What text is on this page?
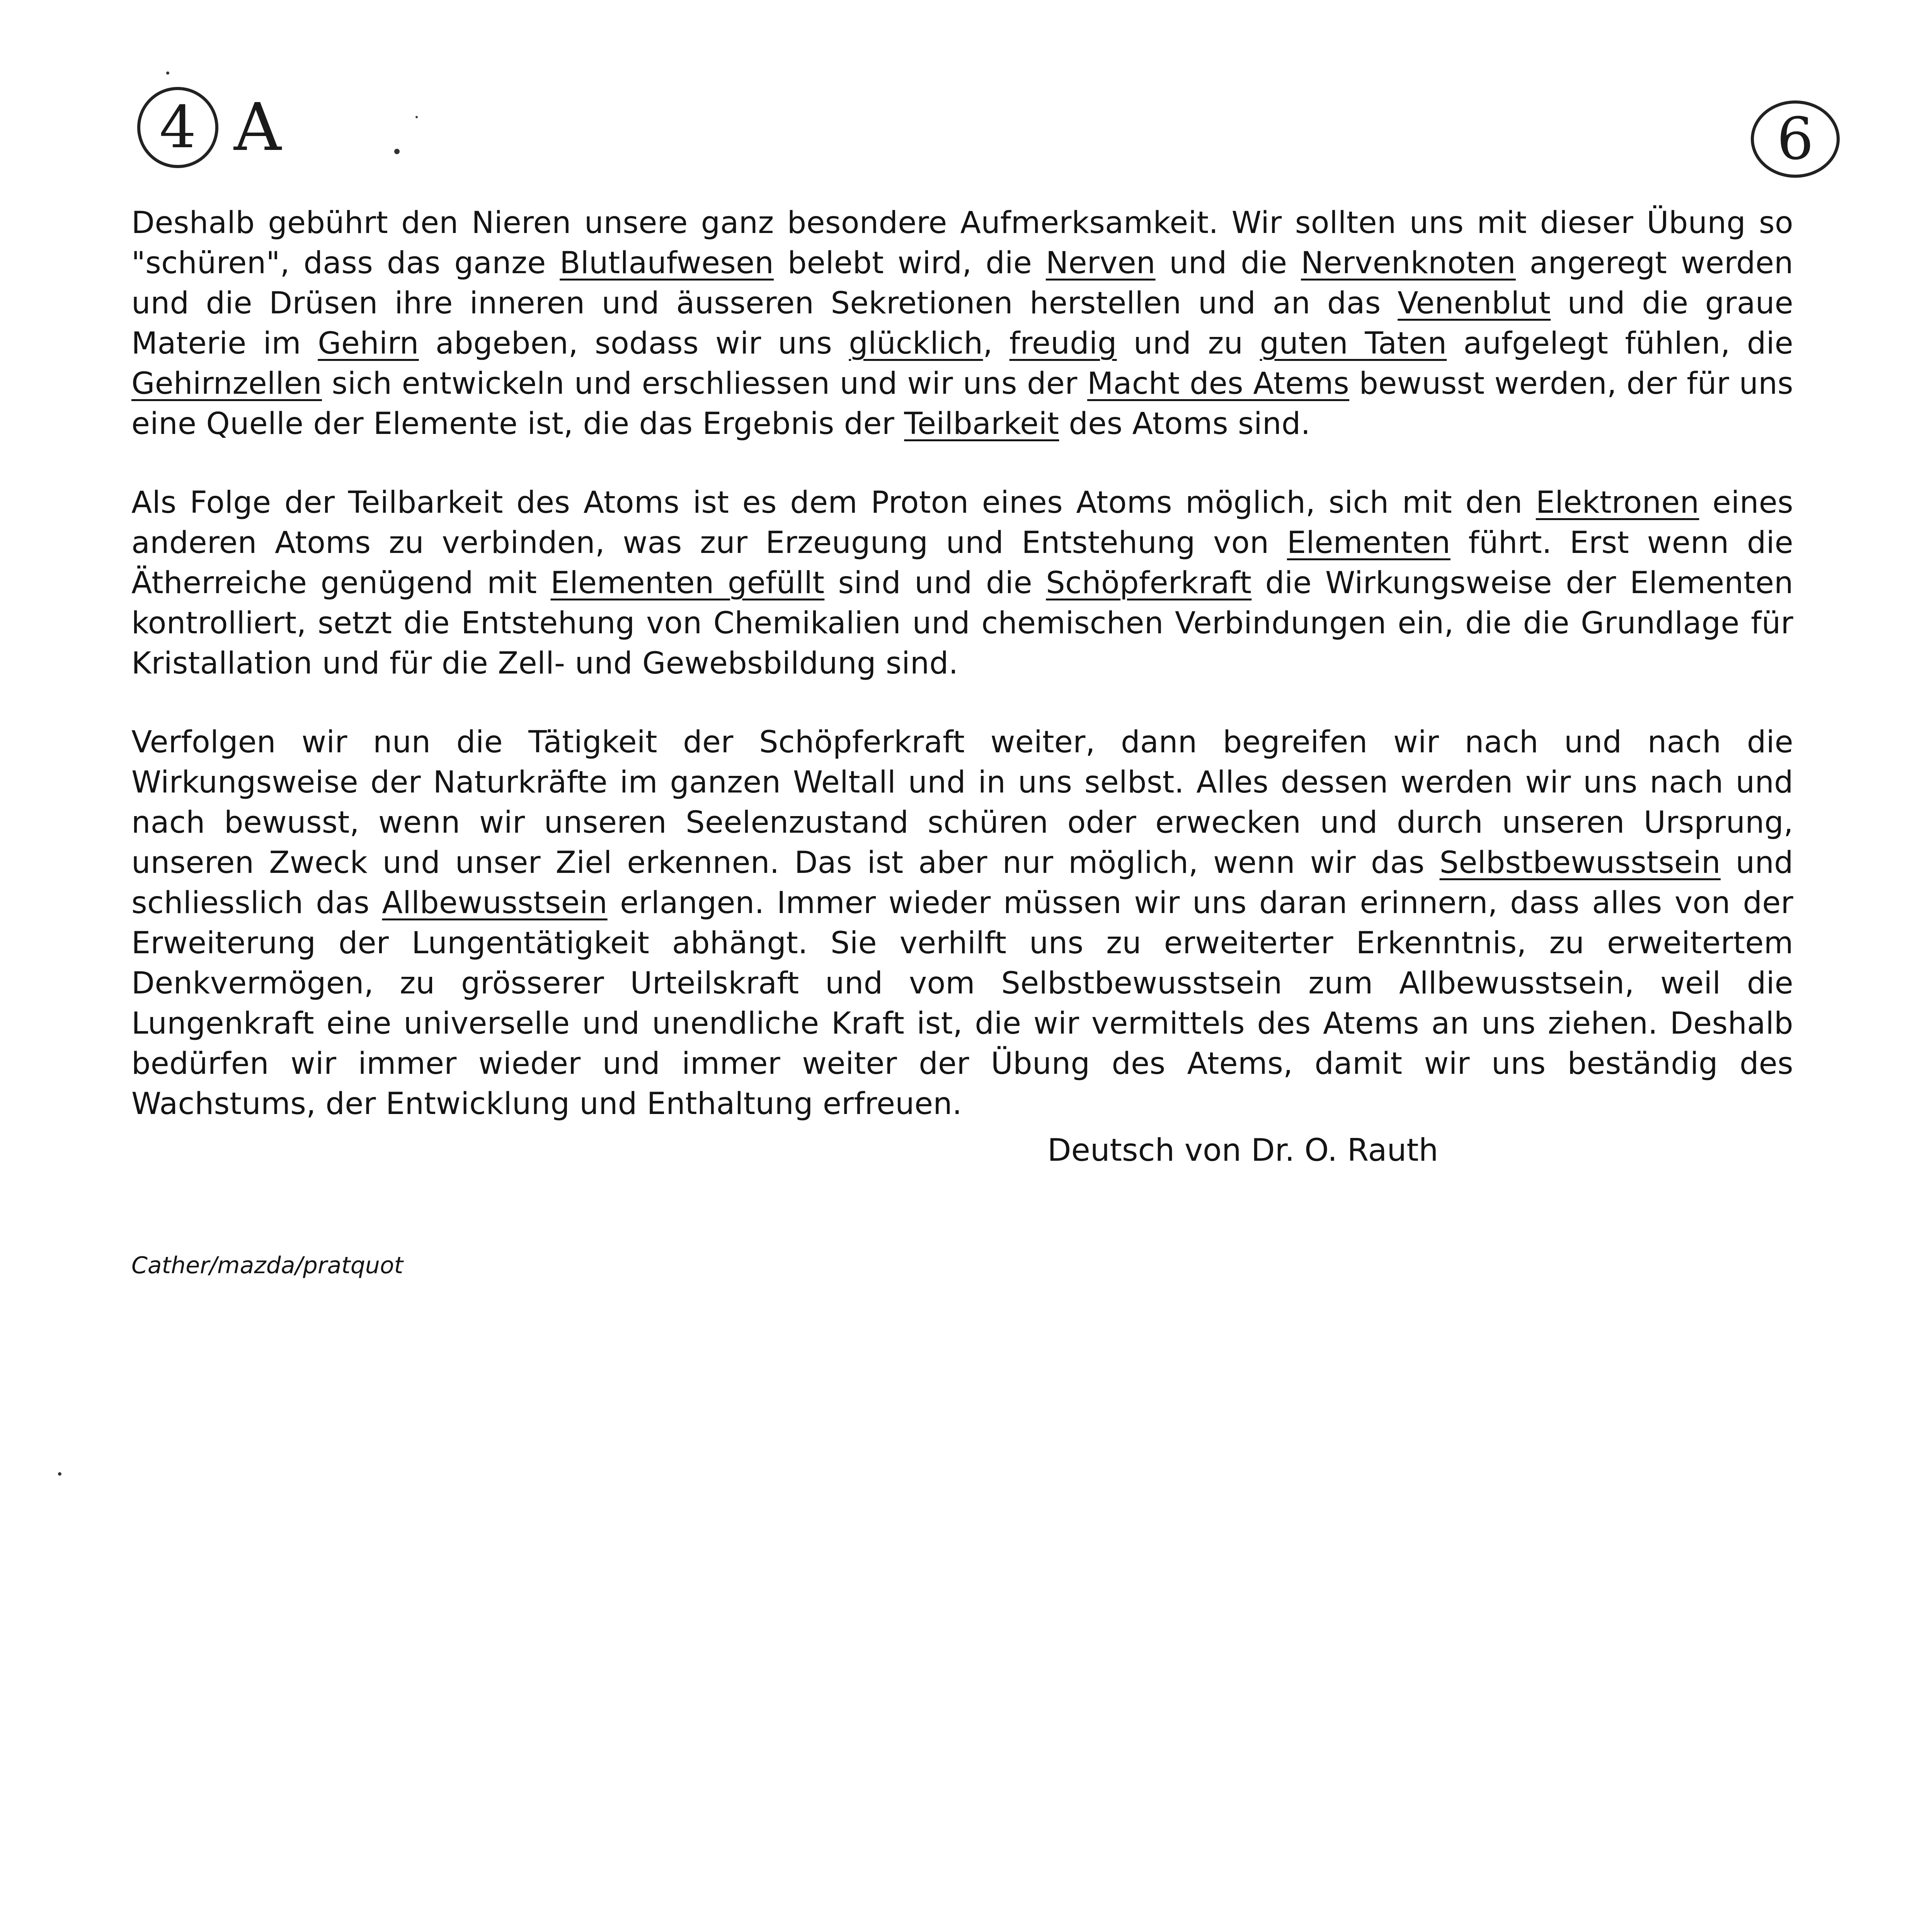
4 A	6

Deshalb gebührt den Nieren unsere ganz besondere Aufmerksamkeit. Wir sollten uns mit dieser Übung so "schüren", dass das ganze Blutlaufwesen belebt wird, die Nerven und die Nervenknoten angeregt werden und die Drüsen ihre inneren und äusseren Sekretionen herstellen und an das Venenblut und die graue Materie im Gehirn abgeben, sodass wir uns glücklich, freudig und zu guten Taten aufgelegt fühlen, die Gehirnzellen sich entwickeln und erschliessen und wir uns der Macht des Atems bewusst werden, der für uns eine Quelle der Elemente ist, die das Ergebnis der Teilbarkeit des Atoms sind.

Als Folge der Teilbarkeit des Atoms ist es dem Proton eines Atoms möglich, sich mit den Elektronen eines anderen Atoms zu verbinden, was zur Erzeugung und Entstehung von Elementen führt. Erst wenn die Ätherreiche genügend mit Elementen gefüllt sind und die Schöpferkraft die Wirkungsweise der Elementen kontrolliert, setzt die Entstehung von Chemikalien und chemischen Verbindungen ein, die die Grundlage für Kristallation und für die Zell- und Gewebsbildung sind.

Verfolgen wir nun die Tätigkeit der Schöpferkraft weiter, dann begreifen wir nach und nach die Wirkungsweise der Naturkräfte im ganzen Weltall und in uns selbst. Alles dessen werden wir uns nach und nach bewusst, wenn wir unseren Seelenzustand schüren oder erwecken und durch unseren Ursprung, unseren Zweck und unser Ziel erkennen. Das ist aber nur möglich, wenn wir das Selbstbewusstsein und schliesslich das Allbewusstsein erlangen. Immer wieder müssen wir uns daran erinnern, dass alles von der Erweiterung der Lungentätigkeit abhängt. Sie verhilft uns zu erweiterter Erkenntnis, zu erweitertem Denkvermögen, zu grösserer Urteilskraft und vom Selbstbewusstsein zum Allbewusstsein, weil die Lungenkraft eine universelle und unendliche Kraft ist, die wir vermittels des Atems an uns ziehen. Deshalb bedürfen wir immer wieder und immer weiter der Übung des Atems, damit wir uns beständig des Wachstums, der Entwicklung und Enthaltung erfreuen.

Deutsch von Dr. O. Rauth
Cather/mazda/pratquot
